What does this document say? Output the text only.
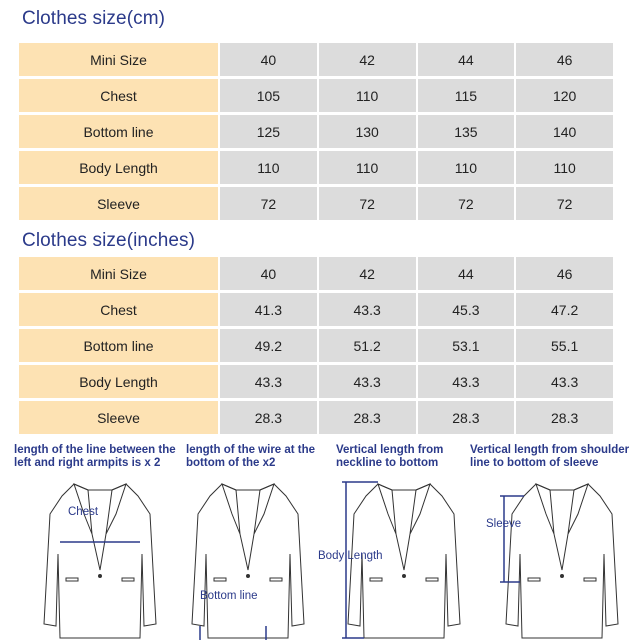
Clothes size(cm)
Mini Size	40	42	44	46
Chest	105	110	115	120
Bottom line	125	130	135	140
Body Length	110	110	110	110
Sleeve	72	72	72	72
Clothes size(inches)
Mini Size	40	42	44	46
Chest	41.3	43.3	45.3	47.2
Bottom line	49.2	51.2	53.1	55.1
Body Length	43.3	43.3	43.3	43.3
Sleeve	28.3	28.3	28.3	28.3

length of the line between the left and right armpits is x 2

Chest

length of the wire at the bottom of the x2

Bottom line

Vertical length from neckline to bottom

Body Length

Vertical length from shoulder line to bottom of sleeve

Sleeve
